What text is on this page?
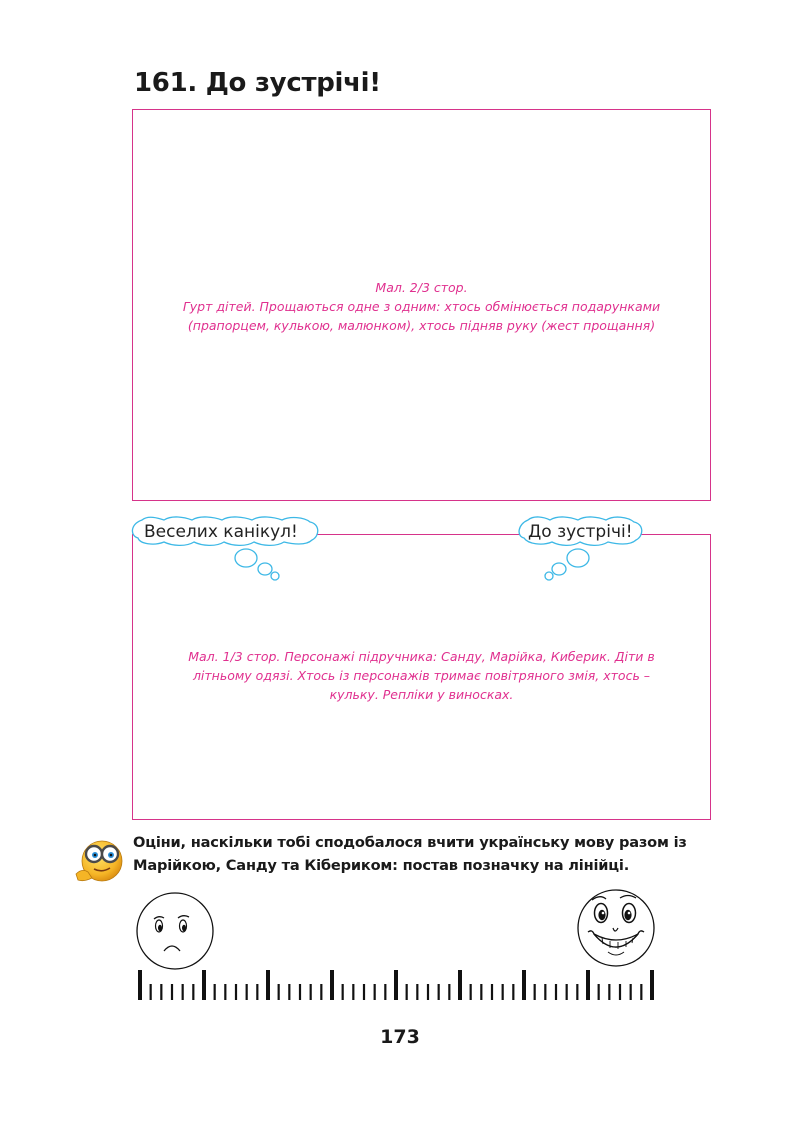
161. До зустрічі!
Мал. 2/3 стор.
Гурт дітей. Прощаються одне з одним: хтось обмінюється подарунками (прапорцем, кулькою, малюнком), хтось підняв руку (жест прощання)
Мал. 1/3 стор. Персонажі підручника: Санду, Марійка, Киберик. Діти в літньому одязі. Хтось із персонажів тримає повітряного змія, хтось – кульку. Репліки у виносках.
Веселих канікул!	До зустрічі!
Оціни, наскільки тобі сподобалося вчити українську мову разом із Марійкою, Санду та Кібериком: постав позначку на лінійці.
173
